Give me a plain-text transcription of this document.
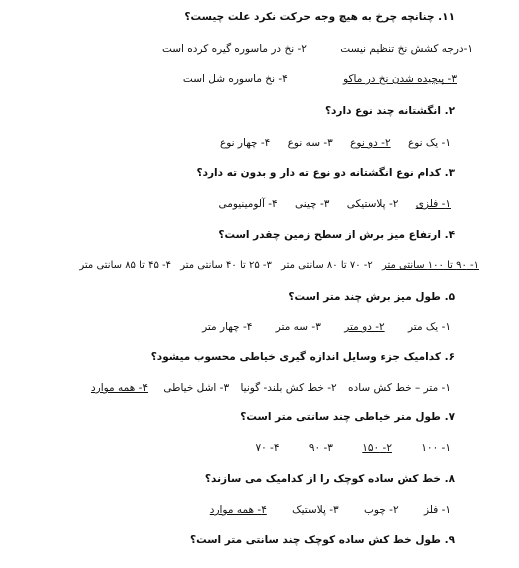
۱۱. چنانچه چرخ به هیچ وجه حرکت نکرد علت چیست؟
۱-درجه کشش نخ تنظیم نیست ۲- نخ در ماسوره گیره کرده است
۳- پیچیده شدن نخ در ماکو ۴- نخ ماسوره شل است
۲. انگشتانه چند نوع دارد؟
۱- یک نوع ۲- دو نوع ۳- سه نوع ۴- چهار نوع
۳. کدام نوع انگشتانه دو نوع ته دار و بدون ته دارد؟
۱- فلزی ۲- پلاستیکی ۳- چینی ۴- آلومینیومی
۴. ارتفاع میز برش از سطح زمین چقدر است؟
۱- ۹۰ تا ۱۰۰ سانتی متر ۲- ۷۰ تا ۸۰ سانتی متر ۳- ۲۵ تا ۴۰ سانتی متر ۴- ۴۵ تا ۸۵ سانتی متر
۵. طول میز برش چند متر است؟
۱- یک متر ۲- دو متر ۳- سه متر ۴- چهار متر
۶. کدامیک جزء وسایل اندازه گیری خیاطی محسوب میشود؟
۱- متر – خط کش ساده ۲- خط کش بلند- گونیا ۳- اشل خیاطی ۴- همه موارد
۷. طول متر خیاطی چند سانتی متر است؟
۱- ۱۰۰ ۲- ۱۵۰ ۳- ۹۰ ۴- ۷۰
۸. خط کش ساده کوچک را از کدامیک می سازند؟
۱- فلز ۲- چوب ۳- پلاستیک ۴- همه موارد
۹. طول خط کش ساده کوچک چند سانتی متر است؟
